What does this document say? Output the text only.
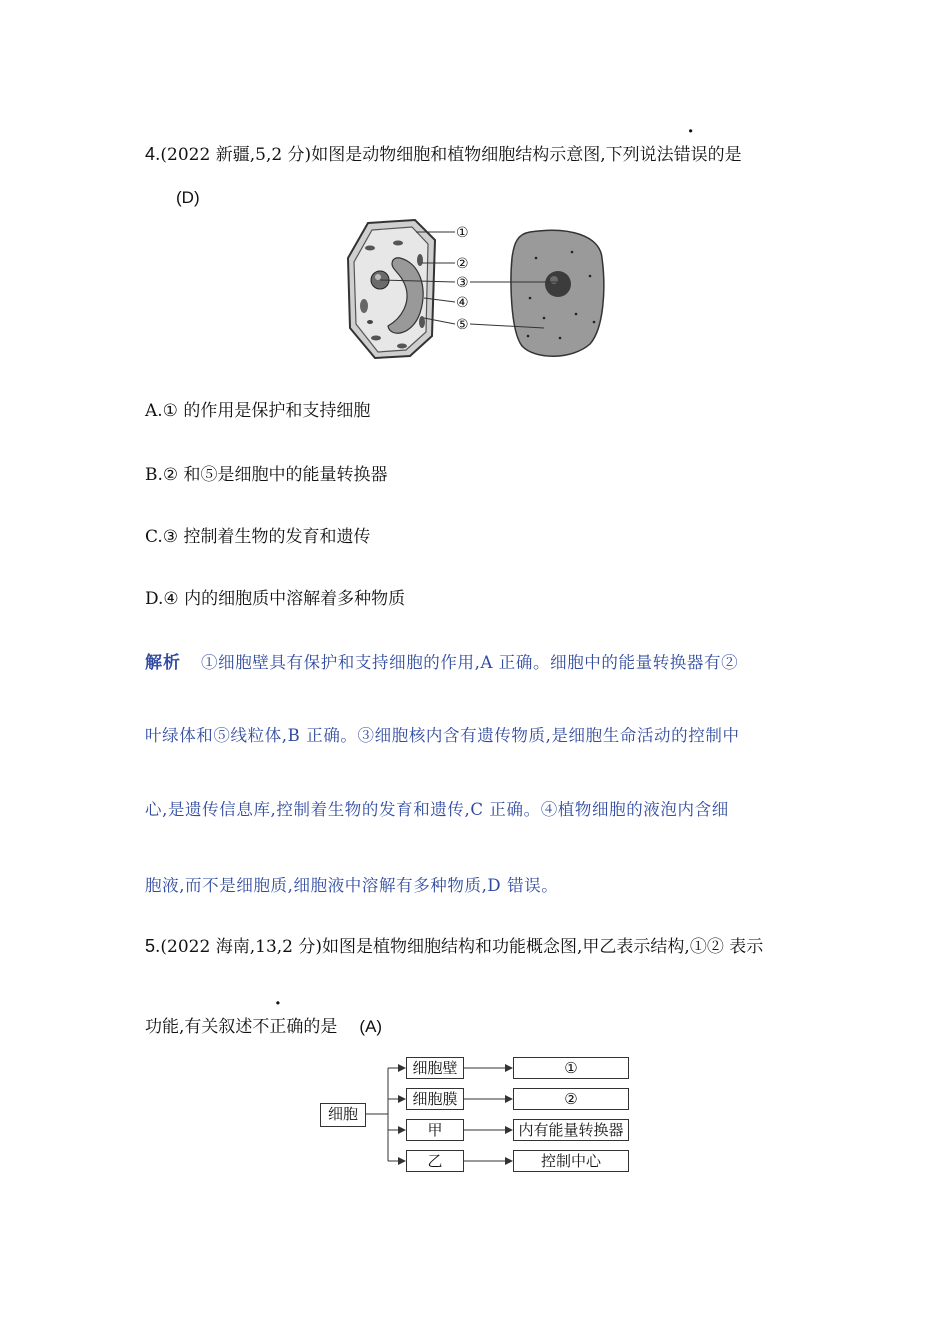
4.(2022 新疆,5,2 分)如图是动物细胞和植物细胞结构示意图,下列说法错误的是
(D)
①
②
③
④
⑤
A.① 的作用是保护和支持细胞
B.② 和⑤是细胞中的能量转换器
C.③ 控制着生物的发育和遗传
D.④ 内的细胞质中溶解着多种物质
解析 ①细胞壁具有保护和支持细胞的作用,A 正确。细胞中的能量转换器有②
叶绿体和⑤线粒体,B 正确。③细胞核内含有遗传物质,是细胞生命活动的控制中
心,是遗传信息库,控制着生物的发育和遗传,C 正确。④植物细胞的液泡内含细
胞液,而不是细胞质,细胞液中溶解有多种物质,D 错误。
5.(2022 海南,13,2 分)如图是植物细胞结构和功能概念图,甲乙表示结构,①② 表示
功能,有关叙述不正确的是 (A)
细胞
细胞壁
细胞膜
甲
乙
①
②
内有能量转换器
控制中心
